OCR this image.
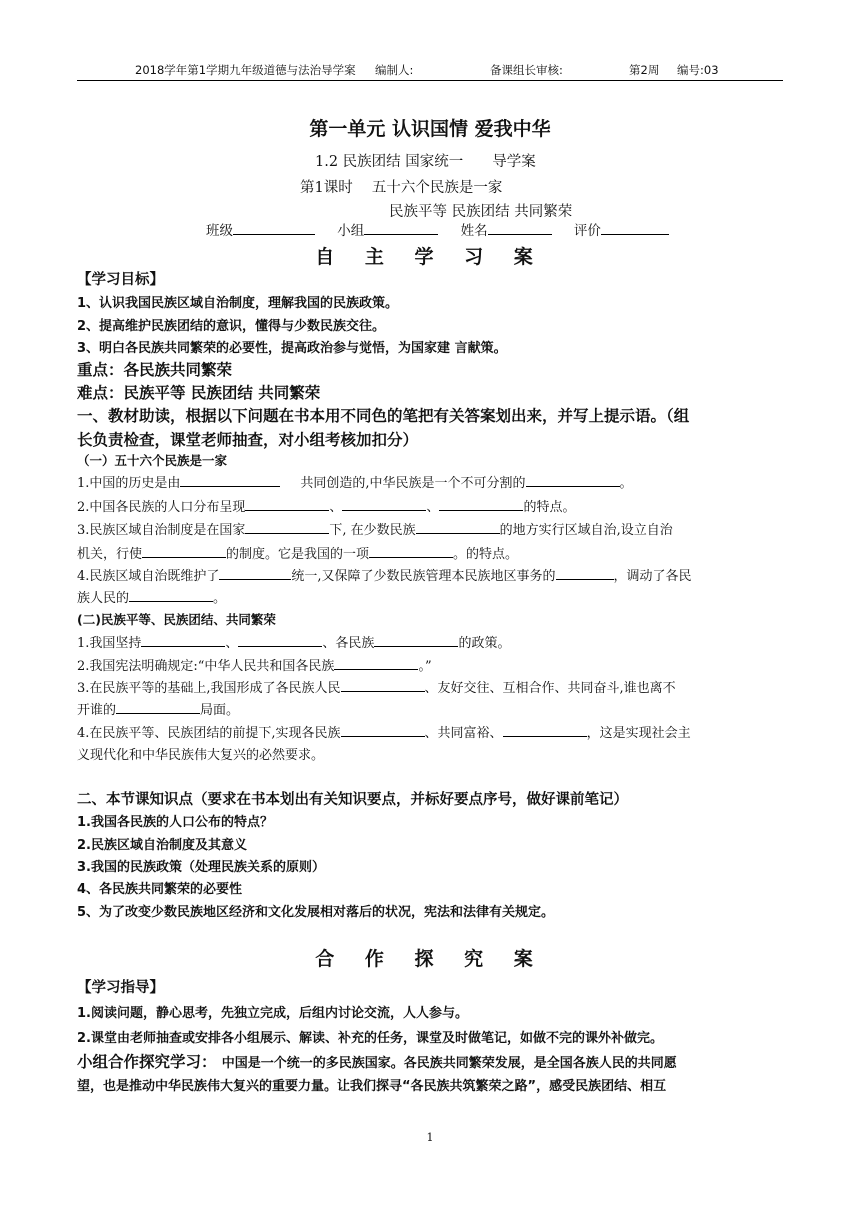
2018学年第1学期九年级道德与法治导学案 编制人:	备课组长审核:	第2周 编号:03
第一单元 认识国情 爱我中华
1.2 民族团结 国家统一　　导学案
第1课时　 五十六个民族是一家
民族平等 民族团结 共同繁荣
班级	小组	姓名	评价
自 主 学 习 案
【学习目标】
1、认识我国民族区域自治制度，理解我国的民族政策。
2、提高维护民族团结的意识，懂得与少数民族交往。
3、明白各民族共同繁荣的必要性，提高政治参与觉悟，为国家建 言献策。
重点：各民族共同繁荣
难点：民族平等 民族团结 共同繁荣
一、教材助读，根据以下问题在书本用不同色的笔把有关答案划出来，并写上提示语。（组
长负责检查，课堂老师抽查，对小组考核加扣分）
（一）五十六个民族是一家
1.中国的历史是由	共同创造的,中华民族是一个不可分割的	。
2.中国各民族的人口分布呈现	、	、	的特点。
3.民族区域自治制度是在国家	下, 在少数民族	的地方实行区域自治,设立自治
机关，行使	的制度。它是我国的一项	。的特点。
4.民族区域自治既维护了	统一,又保障了少数民族管理本民族地区事务的	，调动了各民
族人民的	。
(二)民族平等、民族团结、共同繁荣
1.我国坚持	、	、各民族	的政策。
2.我国宪法明确规定:“中华人民共和国各民族	。”
3.在民族平等的基础上,我国形成了各民族人民	、友好交往、互相合作、共同奋斗,谁也离不
开谁的	局面。
4.在民族平等、民族团结的前提下,实现各民族	、共同富裕、	，这是实现社会主
义现代化和中华民族伟大复兴的必然要求。
二、本节课知识点（要求在书本划出有关知识要点，并标好要点序号，做好课前笔记）
1.我国各民族的人口公布的特点？
2.民族区域自治制度及其意义
3.我国的民族政策（处理民族关系的原则）
4、各民族共同繁荣的必要性
5、为了改变少数民族地区经济和文化发展相对落后的状况，宪法和法律有关规定。
合 作 探 究 案
【学习指导】
1.阅读问题，静心思考，先独立完成，后组内讨论交流，人人参与。
2.课堂由老师抽查或安排各小组展示、解读、补充的任务，课堂及时做笔记，如做不完的课外补做完。
小组合作探究学习：　中国是一个统一的多民族国家。各民族共同繁荣发展，是全国各族人民的共同愿
望，也是推动中华民族伟大复兴的重要力量。让我们探寻“各民族共筑繁荣之路”，感受民族团结、相互
1
